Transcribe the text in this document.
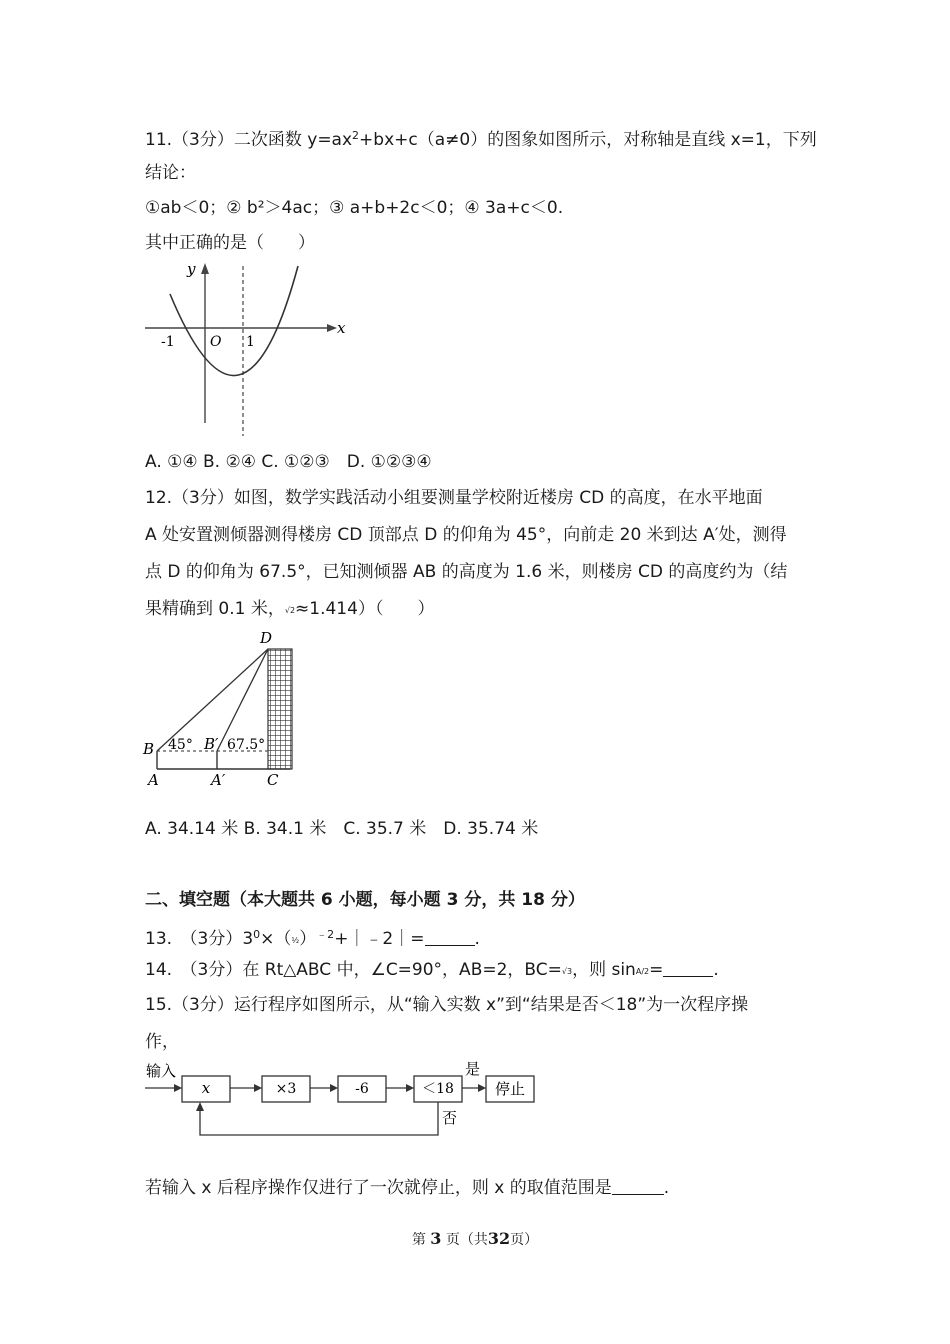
11.（3分）二次函数 $y=ax^2+bx+c(a\ne 0)$的图象如图所示，对称轴是直线 x=1，下列
结论：
①ab＜0；② b²＞4ac；③ a+b+2c＜0；④ 3a+c＜0.
其中正确的是（　　）
y
x
O
-1	1
A. ①④ B. ②④ C. ①②③　D. ①②③④
12.（3分）如图，数学实践活动小组要测量学校附近楼房 CD 的高度，在水平地面
A 处安置测倾器测得楼房 CD 顶部点 D 的仰角为 45°，向前走 20 米到达 A′处，测得
点 D 的仰角为 67.5°，已知测倾器 AB 的高度为 1.6 米，则楼房 CD 的高度约为（结
果精确到 0.1 米，√2≈1.414）（　　）
D
B 45° B′ 67.5°
A	A′	C
A. 34.14 米 B. 34.1 米　C. 35.7 米　D. 35.74 米
二、填空题（本大题共 6 小题，每小题 3 分，共 18 分）
13.　（3分）$3^0\times(\frac{1}{2})^{﹣2}+|﹣2|=$	.
14.　（3分）在 Rt△ABC 中，∠C=90°，AB=2，BC=√3，则 sinA/2=	.
15.（3分）运行程序如图所示，从“输入实数 x”到“结果是否＜18”为一次程序操
作，
输入
x	×3	-6	＜18
是
停止
否
若输入 x 后程序操作仅进行了一次就停止，则 x 的取值范围是	.
第 3 页（共32页）
